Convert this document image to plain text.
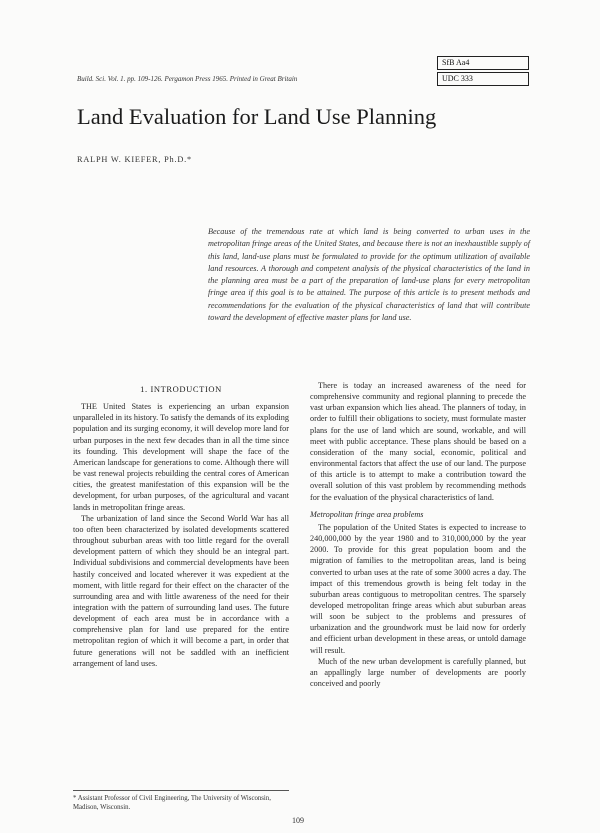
Build. Sci. Vol. 1. pp. 109-126. Pergamon Press 1965. Printed in Great Britain
SfB Aa4
UDC 333
Land Evaluation for Land Use Planning
RALPH W. KIEFER, Ph.D.*
Because of the tremendous rate at which land is being converted to urban uses in the metropolitan fringe areas of the United States, and because there is not an inexhaustible supply of this land, land-use plans must be formulated to provide for the optimum utilization of available land resources. A thorough and competent analysis of the physical characteristics of the land in the planning area must be a part of the preparation of land-use plans for every metropolitan fringe area if this goal is to be attained. The purpose of this article is to present methods and recommendations for the evaluation of the physical characteristics of land that will contribute toward the development of effective master plans for land use.
1. INTRODUCTION

THE United States is experiencing an urban expansion unparalleled in its history. To satisfy the demands of its exploding population and its surging economy, it will develop more land for urban purposes in the next few decades than in all the time since its founding. This development will shape the face of the American landscape for generations to come. Although there will be vast renewal projects rebuilding the central cores of American cities, the greatest manifestation of this expansion will be the development, for urban purposes, of the agricultural and vacant lands in metropolitan fringe areas.

The urbanization of land since the Second World War has all too often been characterized by isolated developments scattered throughout suburban areas with too little regard for the overall development pattern of which they should be an integral part. Individual subdivisions and commercial developments have been hastily conceived and located wherever it was expedient at the moment, with little regard for their effect on the character of the surrounding area and with little awareness of the need for their integration with the pattern of surrounding land uses. The future development of each area must be in accordance with a comprehensive plan for land use prepared for the entire metropolitan region of which it will become a part, in order that future generations will not be saddled with an inefficient arrangement of land uses.

There is today an increased awareness of the need for comprehensive community and regional planning to precede the vast urban expansion which lies ahead. The planners of today, in order to fulfill their obligations to society, must formulate master plans for the use of land which are sound, workable, and will meet with public acceptance. These plans should be based on a consideration of the many social, economic, political and environmental factors that affect the use of our land. The purpose of this article is to attempt to make a contribution toward the overall solution of this vast problem by recommending methods for the evaluation of the physical characteristics of land.

Metropolitan fringe area problems

The population of the United States is expected to increase to 240,000,000 by the year 1980 and to 310,000,000 by the year 2000. To provide for this great population boom and the migration of families to the metropolitan areas, land is being converted to urban uses at the rate of some 3000 acres a day. The impact of this tremendous growth is being felt today in the suburban areas contiguous to metropolitan centres. The sparsely developed metropolitan fringe areas which abut suburban areas will soon be subject to the problems and pressures of urbanization and the groundwork must be laid now for orderly and efficient urban development in these areas, or untold damage will result.

Much of the new urban development is carefully planned, but an appallingly large number of developments are poorly conceived and poorly

* Assistant Professor of Civil Engineering, The University of Wisconsin, Madison, Wisconsin.
109
